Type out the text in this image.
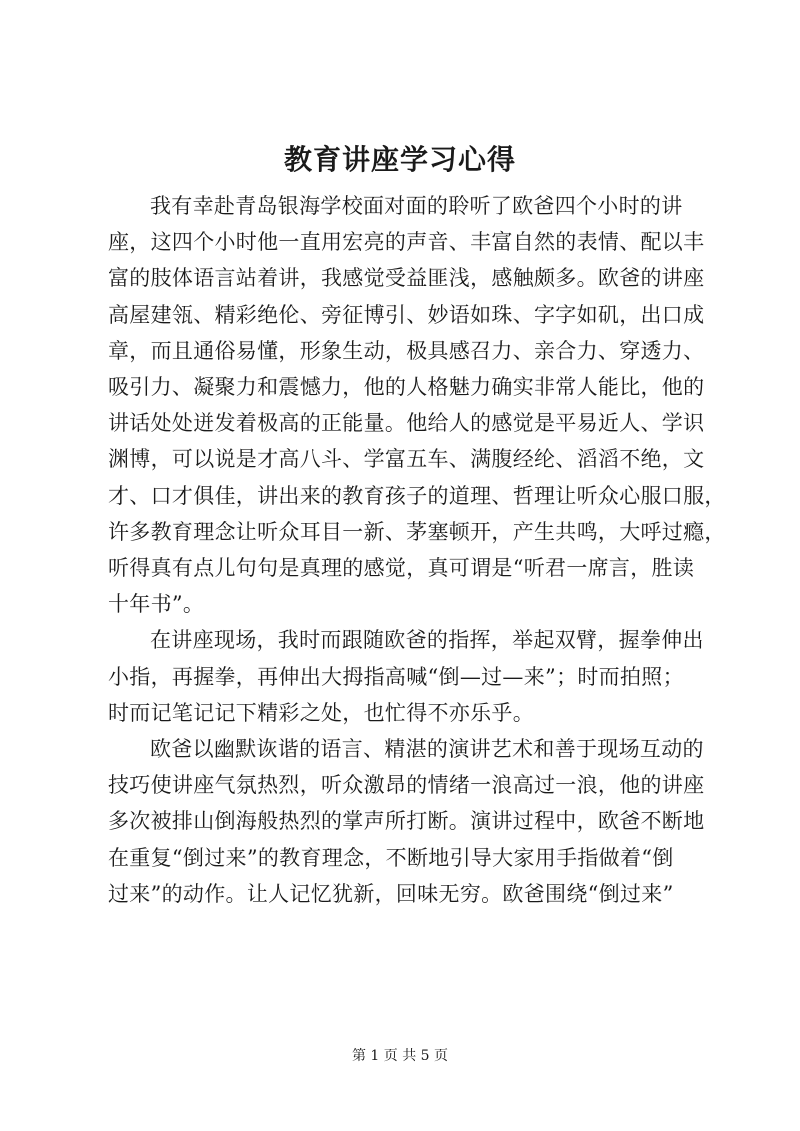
教育讲座学习心得

我有幸赴青岛银海学校面对面的聆听了欧爸四个小时的讲
座，这四个小时他一直用宏亮的声音、丰富自然的表情、配以丰
富的肢体语言站着讲，我感觉受益匪浅，感触颇多。欧爸的讲座
高屋建瓴、精彩绝伦、旁征博引、妙语如珠、字字如矶，出口成
章，而且通俗易懂，形象生动，极具感召力、亲合力、穿透力、
吸引力、凝聚力和震憾力，他的人格魅力确实非常人能比，他的
讲话处处迸发着极高的正能量。他给人的感觉是平易近人、学识
渊博，可以说是才高八斗、学富五车、满腹经纶、滔滔不绝，文
才、口才俱佳，讲出来的教育孩子的道理、哲理让听众心服口服，
许多教育理念让听众耳目一新、茅塞顿开，产生共鸣，大呼过瘾，
听得真有点儿句句是真理的感觉，真可谓是“听君一席言，胜读
十年书”。

在讲座现场，我时而跟随欧爸的指挥，举起双臂，握拳伸出
小指，再握拳，再伸出大拇指高喊“倒—过—来”；时而拍照；
时而记笔记记下精彩之处，也忙得不亦乐乎。

欧爸以幽默诙谐的语言、精湛的演讲艺术和善于现场互动的
技巧使讲座气氛热烈，听众激昂的情绪一浪高过一浪，他的讲座
多次被排山倒海般热烈的掌声所打断。演讲过程中，欧爸不断地
在重复“倒过来”的教育理念，不断地引导大家用手指做着“倒
过来”的动作。让人记忆犹新，回味无穷。欧爸围绕“倒过来”

第 1 页 共 5 页
